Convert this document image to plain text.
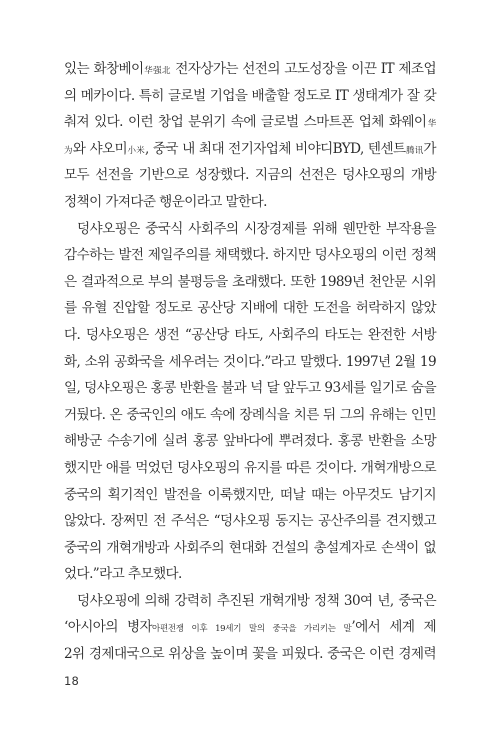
있는 화창베이华强北 전자상가는 선전의 고도성장을 이끈 IT 제조업
의 메카이다. 특히 글로벌 기업을 배출할 정도로 IT 생태계가 잘 갖
춰져 있다. 이런 창업 분위기 속에 글로벌 스마트폰 업체 화웨이华
为와 샤오미小米, 중국 내 최대 전기자업체 비야디BYD, 텐센트腾讯가
모두 선전을 기반으로 성장했다. 지금의 선전은 덩샤오핑의 개방
정책이 가져다준 행운이라고 말한다.
덩샤오핑은 중국식 사회주의 시장경제를 위해 웬만한 부작용을
감수하는 발전 제일주의를 채택했다. 하지만 덩샤오핑의 이런 정책
은 결과적으로 부의 불평등을 초래했다. 또한 1989년 천안문 시위
를 유혈 진압할 정도로 공산당 지배에 대한 도전을 허락하지 않았
다. 덩샤오핑은 생전 “공산당 타도, 사회주의 타도는 완전한 서방
화, 소위 공화국을 세우려는 것이다.”라고 말했다. 1997년 2월 19
일, 덩샤오핑은 홍콩 반환을 불과 넉 달 앞두고 93세를 일기로 숨을
거뒀다. 온 중국인의 애도 속에 장례식을 치른 뒤 그의 유해는 인민
해방군 수송기에 실려 홍콩 앞바다에 뿌려졌다. 홍콩 반환을 소망
했지만 애를 먹었던 덩샤오핑의 유지를 따른 것이다. 개혁개방으로
중국의 획기적인 발전을 이룩했지만, 떠날 때는 아무것도 남기지
않았다. 장쩌민 전 주석은 “덩샤오핑 동지는 공산주의를 견지했고
중국의 개혁개방과 사회주의 현대화 건설의 총설계자로 손색이 없
었다.”라고 추모했다.
덩샤오핑에 의해 강력히 추진된 개혁개방 정책 30여 년, 중국은
‘아시아의 병자아편전쟁 이후 19세기 말의 중국을 가리키는 말’에서 세계 제
2위 경제대국으로 위상을 높이며 꽃을 피웠다. 중국은 이런 경제력
18
